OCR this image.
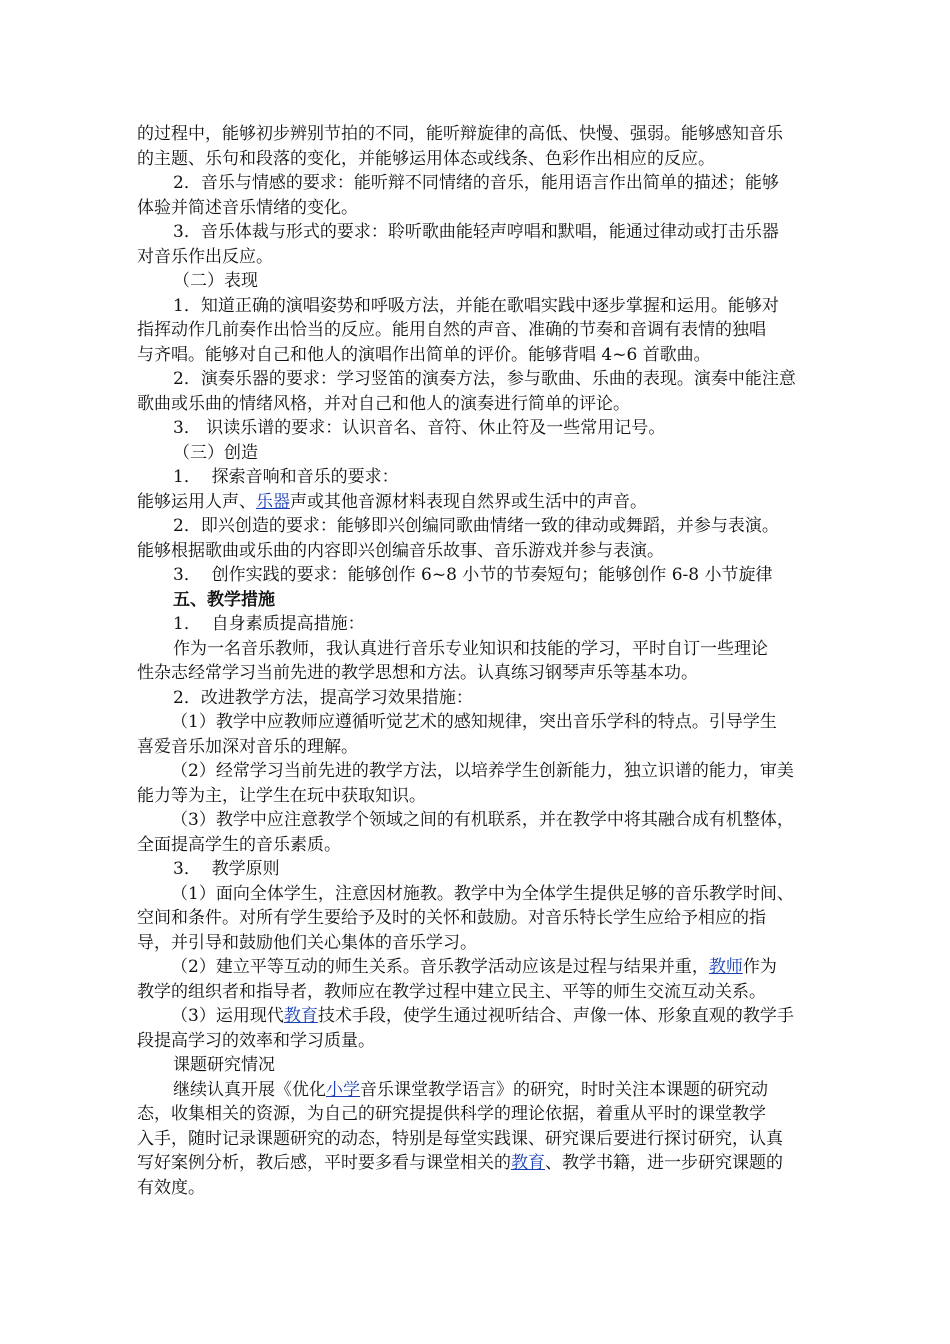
的过程中，能够初步辨别节拍的不同，能听辩旋律的高低、快慢、强弱。能够感知音乐
的主题、乐句和段落的变化，并能够运用体态或线条、色彩作出相应的反应。
2．音乐与情感的要求：能听辩不同情绪的音乐，能用语言作出简单的描述；能够
体验并简述音乐情绪的变化。
3．音乐体裁与形式的要求：聆听歌曲能轻声哼唱和默唱，能通过律动或打击乐器
对音乐作出反应。
（二）表现
1．知道正确的演唱姿势和呼吸方法，并能在歌唱实践中逐步掌握和运用。能够对
指挥动作几前奏作出恰当的反应。能用自然的声音、准确的节奏和音调有表情的独唱
与齐唱。能够对自己和他人的演唱作出简单的评价。能够背唱 4~6 首歌曲。
2．演奏乐器的要求：学习竖笛的演奏方法，参与歌曲、乐曲的表现。演奏中能注意
歌曲或乐曲的情绪风格，并对自己和他人的演奏进行简单的评论。
3． 识读乐谱的要求：认识音名、音符、休止符及一些常用记号。
（三）创造
1．  探索音响和音乐的要求：
能够运用人声、乐器声或其他音源材料表现自然界或生活中的声音。
2．即兴创造的要求：能够即兴创编同歌曲情绪一致的律动或舞蹈，并参与表演。
能够根据歌曲或乐曲的内容即兴创编音乐故事、音乐游戏并参与表演。
3．  创作实践的要求：能够创作 6~8 小节的节奏短句；能够创作 6-8 小节旋律
五、教学措施
1．  自身素质提高措施：
作为一名音乐教师，我认真进行音乐专业知识和技能的学习，平时自订一些理论
性杂志经常学习当前先进的教学思想和方法。认真练习钢琴声乐等基本功。
2．改进教学方法，提高学习效果措施：
（1）教学中应教师应遵循听觉艺术的感知规律，突出音乐学科的特点。引导学生
喜爱音乐加深对音乐的理解。
（2）经常学习当前先进的教学方法，以培养学生创新能力，独立识谱的能力，审美
能力等为主，让学生在玩中获取知识。
（3）教学中应注意教学个领域之间的有机联系，并在教学中将其融合成有机整体，
全面提高学生的音乐素质。
3．  教学原则
（1）面向全体学生，注意因材施教。教学中为全体学生提供足够的音乐教学时间、
空间和条件。对所有学生要给予及时的关怀和鼓励。对音乐特长学生应给予相应的指
导，并引导和鼓励他们关心集体的音乐学习。
（2）建立平等互动的师生关系。音乐教学活动应该是过程与结果并重，教师作为
教学的组织者和指导者，教师应在教学过程中建立民主、平等的师生交流互动关系。
（3）运用现代教育技术手段，使学生通过视听结合、声像一体、形象直观的教学手
段提高学习的效率和学习质量。
课题研究情况
继续认真开展《优化小学音乐课堂教学语言》的研究，时时关注本课题的研究动
态，收集相关的资源，为自己的研究提提供科学的理论依据，着重从平时的课堂教学
入手，随时记录课题研究的动态，特别是每堂实践课、研究课后要进行探讨研究，认真
写好案例分析，教后感，平时要多看与课堂相关的教育、教学书籍，进一步研究课题的
有效度。
